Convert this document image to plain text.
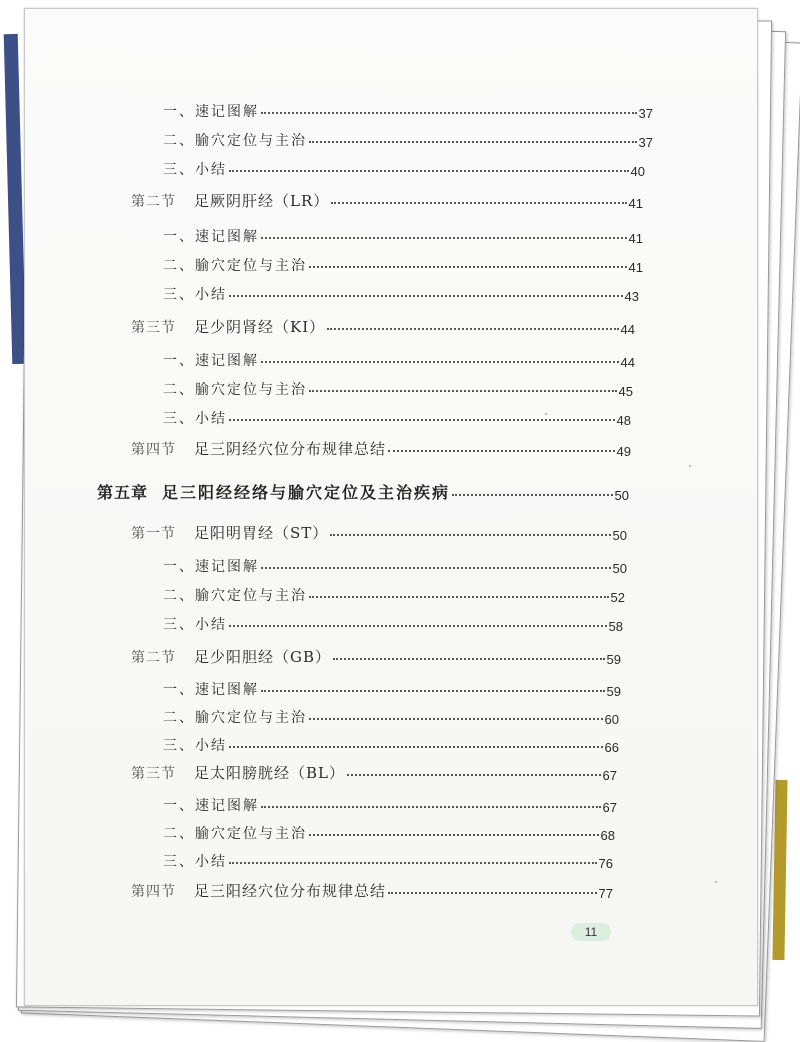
一、速记图解	37
二、腧穴定位与主治	37
三、小结	40
第二节 足厥阴肝经（LR）	41
一、速记图解	41
二、腧穴定位与主治	41
三、小结	43
第三节 足少阴肾经（KI）	44
一、速记图解	44
二、腧穴定位与主治	45
三、小结	48
第四节 足三阴经穴位分布规律总结	49
第五章 足三阳经经络与腧穴定位及主治疾病	50
第一节 足阳明胃经（ST）	50
一、速记图解	50
二、腧穴定位与主治	52
三、小结	58
第二节 足少阳胆经（GB）	59
一、速记图解	59
二、腧穴定位与主治	60
三、小结	66
第三节 足太阳膀胱经（BL）	67
一、速记图解	67
二、腧穴定位与主治	68
三、小结	76
第四节 足三阳经穴位分布规律总结	77
11
